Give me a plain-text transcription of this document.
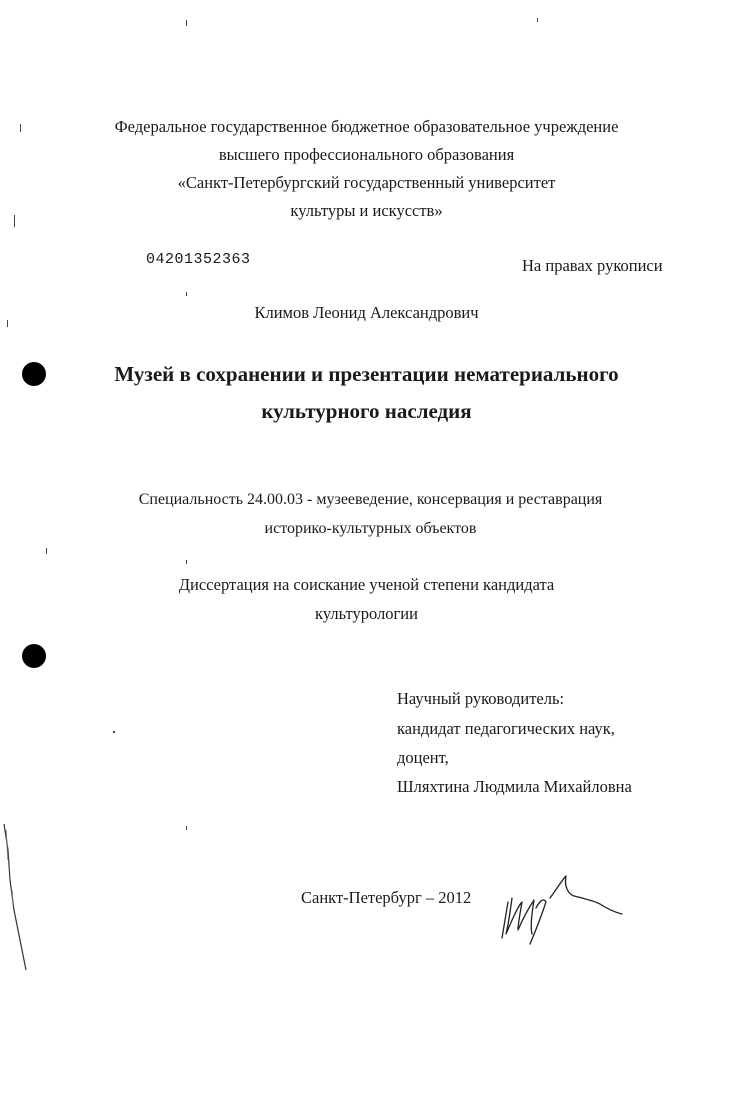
Федеральное государственное бюджетное образовательное учреждение
высшего профессионального образования
«Санкт-Петербургский государственный университет
культуры и искусств»
04201352363	На правах рукописи
Климов Леонид Александрович
Музей в сохранении и презентации нематериального
культурного наследия
Специальность 24.00.03 - музееведение, консервация и реставрация
историко-культурных объектов
Диссертация на соискание ученой степени кандидата
культурологии
Научный руководитель:
кандидат педагогических наук,
доцент,
Шляхтина Людмила Михайловна
Санкт-Петербург – 2012
